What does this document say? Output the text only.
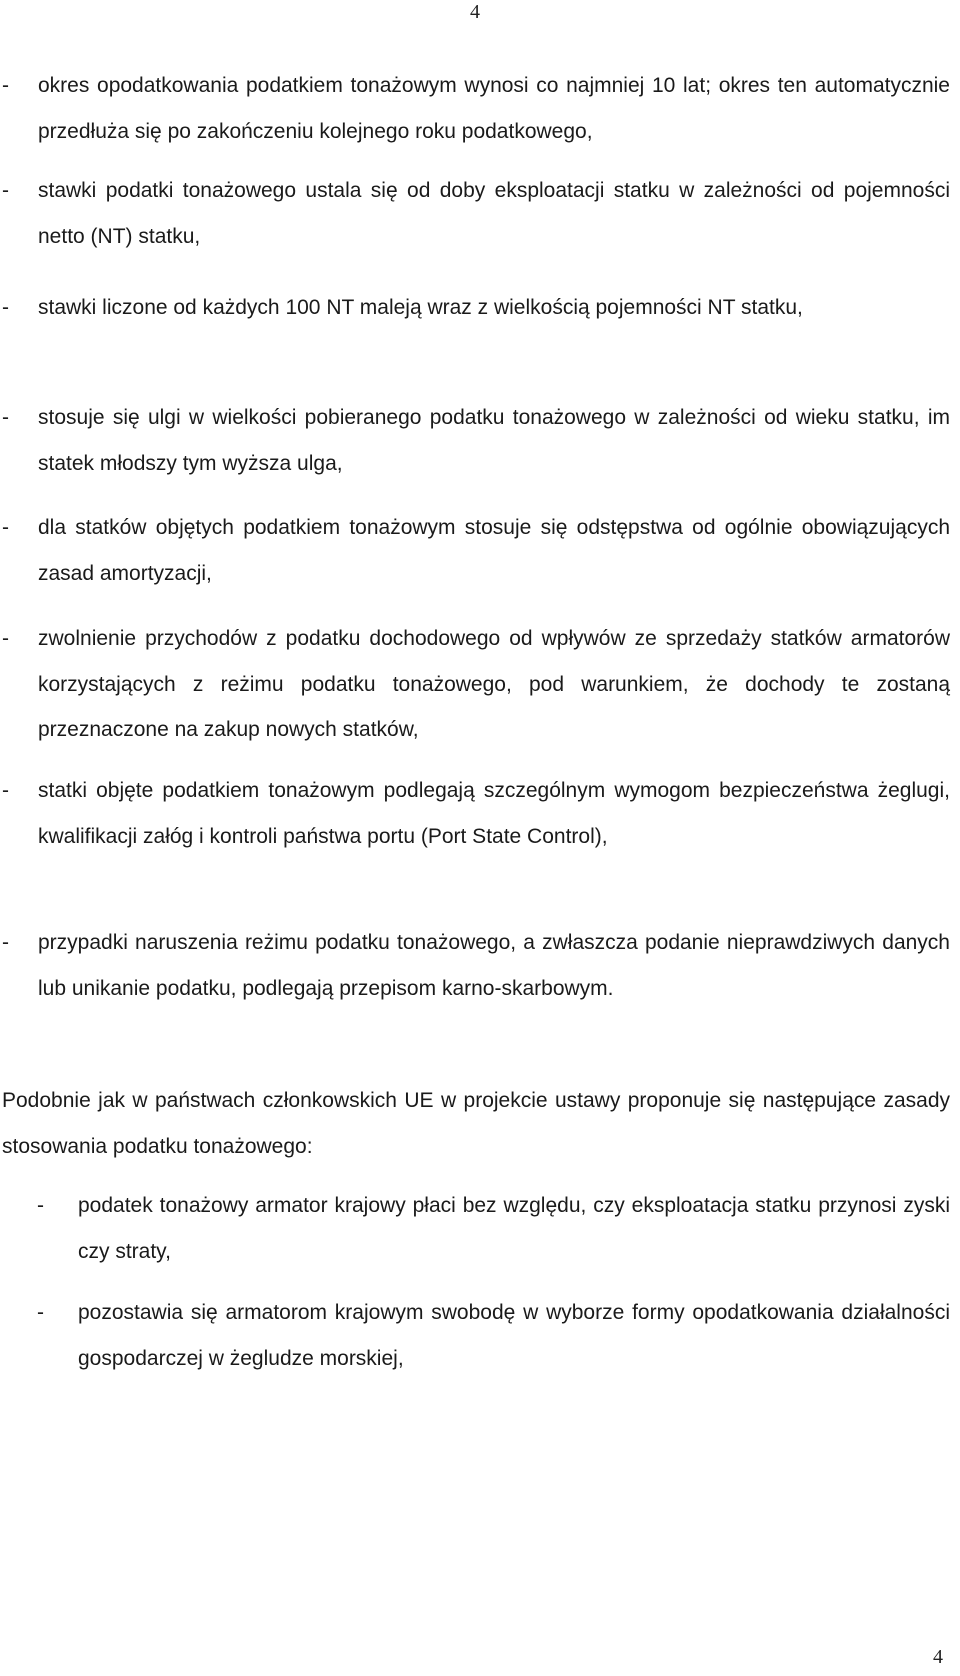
4
- okres opodatkowania podatkiem tonażowym wynosi co najmniej 10 lat; okres ten automatycznie przedłuża się po zakończeniu kolejnego roku podatkowego,
- stawki podatki tonażowego ustala się od doby eksploatacji statku w zależności od pojemności netto (NT) statku,
- stawki liczone od każdych 100 NT maleją wraz z wielkością pojemności NT statku,
- stosuje się ulgi w wielkości pobieranego podatku tonażowego w zależności od wieku statku, im statek młodszy tym wyższa ulga,
- dla statków objętych podatkiem tonażowym stosuje się odstępstwa od ogólnie obowiązujących zasad amortyzacji,
- zwolnienie przychodów z podatku dochodowego od wpływów ze sprzedaży statków armatorów korzystających z reżimu podatku tonażowego, pod warunkiem, że dochody te zostaną przeznaczone na zakup nowych statków,
- statki objęte podatkiem tonażowym podlegają szczególnym wymogom bezpieczeństwa żeglugi, kwalifikacji załóg i kontroli państwa portu (Port State Control),
- przypadki naruszenia reżimu podatku tonażowego, a zwłaszcza podanie nieprawdziwych danych lub unikanie podatku, podlegają przepisom karno-skarbowym.
Podobnie jak w państwach członkowskich UE w projekcie ustawy proponuje się następujące zasady stosowania podatku tonażowego:
- podatek tonażowy armator krajowy płaci bez względu, czy eksploatacja statku przynosi zyski czy straty,
- pozostawia się armatorom krajowym swobodę w wyborze formy opodatkowania działalności gospodarczej w żegludze morskiej,
4
